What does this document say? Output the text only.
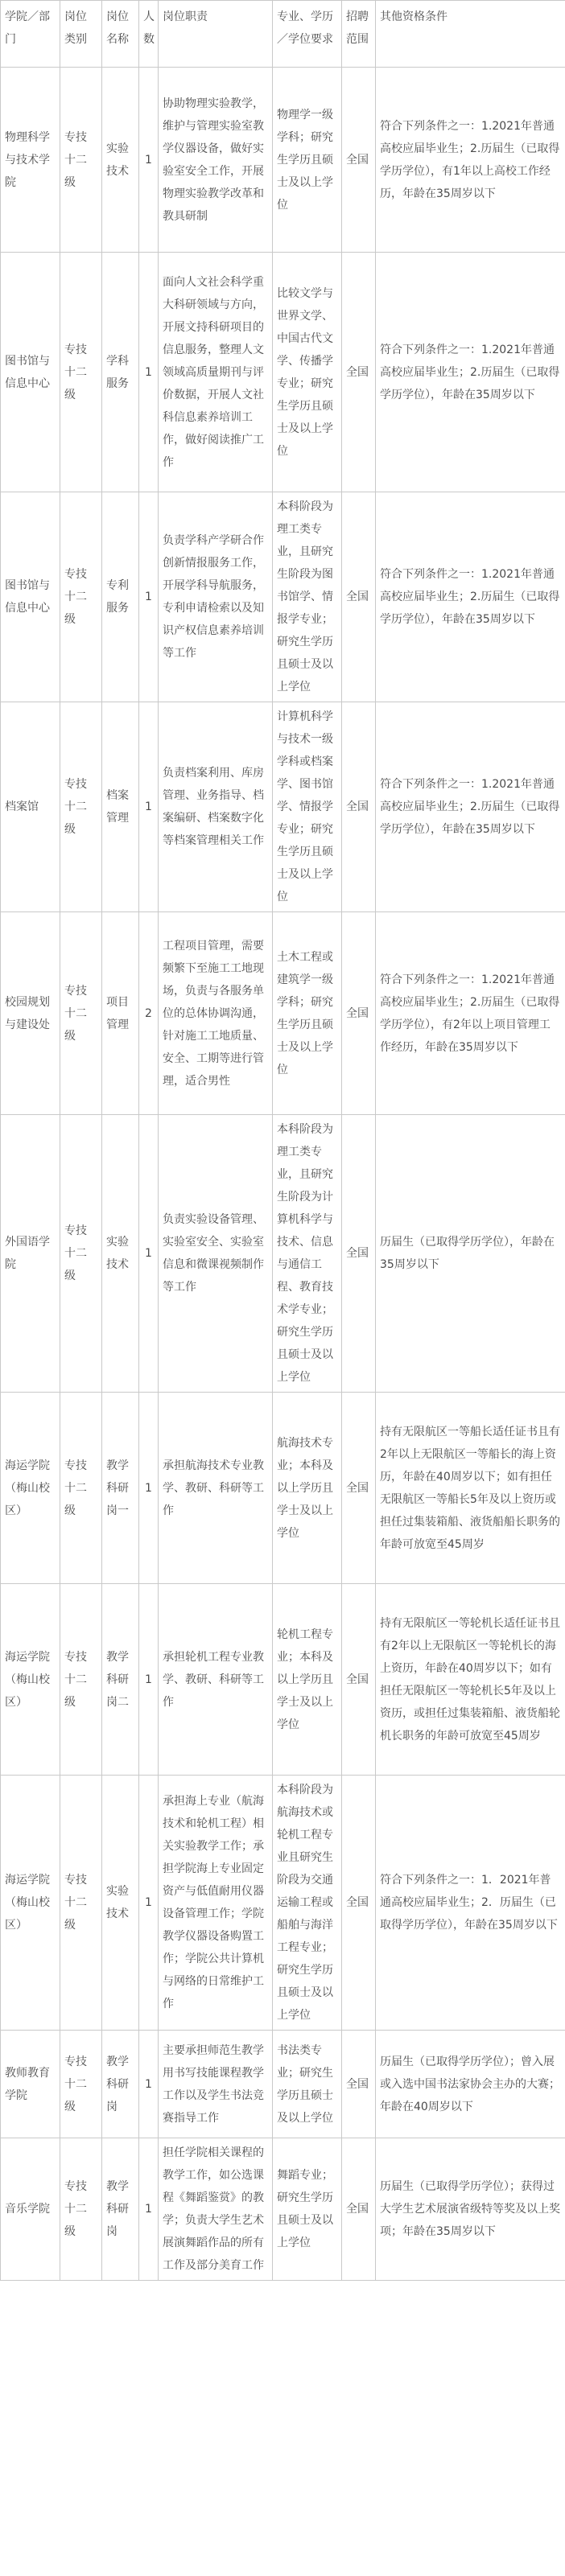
学院／部门	岗位类别	岗位名称	人数	岗位职责	专业、学历／学位要求	招聘范围	其他资格条件
物理科学与技术学院	专技十二级	实验技术	1	协助物理实验教学，维护与管理实验室教学仪器设备，做好实验室安全工作，开展物理实验教学改革和教具研制	物理学一级学科；研究生学历且硕士及以上学位	全国	符合下列条件之一：1.2021年普通高校应届毕业生；2.历届生（已取得学历学位），有1年以上高校工作经历，年龄在35周岁以下
图书馆与信息中心	专技十二级	学科服务	1	面向人文社会科学重大科研领域与方向，开展文持科研项目的信息服务，整理人文领域高质量期刊与评价数据，开展人文社科信息素养培训工作，做好阅读推广工作	比较文学与世界文学、中国古代文学、传播学专业；研究生学历且硕士及以上学位	全国	符合下列条件之一：1.2021年普通高校应届毕业生；2.历届生（已取得学历学位），年龄在35周岁以下
图书馆与信息中心	专技十二级	专利服务	1	负责学科产学研合作创新情报服务工作，开展学科导航服务，专利申请检索以及知识产权信息素养培训等工作	本科阶段为理工类专业，且研究生阶段为图书馆学、情报学专业；研究生学历且硕士及以上学位	全国	符合下列条件之一：1.2021年普通高校应届毕业生；2.历届生（已取得学历学位），年龄在35周岁以下
档案馆	专技十二级	档案管理	1	负责档案利用、库房管理、业务指导、档案编研、档案数字化等档案管理相关工作	计算机科学与技术一级学科或档案学、图书馆学、情报学专业；研究生学历且硕士及以上学位	全国	符合下列条件之一：1.2021年普通高校应届毕业生；2.历届生（已取得学历学位），年龄在35周岁以下
校园规划与建设处	专技十二级	项目管理	2	工程项目管理，需要频繁下至施工工地现场，负责与各服务单位的总体协调沟通，针对施工工地质量、安全、工期等进行管理，适合男性	土木工程或建筑学一级学科；研究生学历且硕士及以上学位	全国	符合下列条件之一：1.2021年普通高校应届毕业生；2.历届生（已取得学历学位），有2年以上项目管理工作经历，年龄在35周岁以下
外国语学院	专技十二级	实验技术	1	负责实验设备管理、实验室安全、实验室信息和微课视频制作等工作	本科阶段为理工类专业，且研究生阶段为计算机科学与技术、信息与通信工程、教育技术学专业；研究生学历且硕士及以上学位	全国	历届生（已取得学历学位），年龄在35周岁以下
海运学院（梅山校区）	专技十二级	教学科研岗一	1	承担航海技术专业教学、教研、科研等工作	航海技术专业；本科及以上学历且学士及以上学位	全国	持有无限航区一等船长适任证书且有2年以上无限航区一等船长的海上资历，年龄在40周岁以下；如有担任无限航区一等船长5年及以上资历或担任过集装箱船、液货船船长职务的年龄可放宽至45周岁
海运学院（梅山校区）	专技十二级	教学科研岗二	1	承担轮机工程专业教学、教研、科研等工作	轮机工程专业；本科及以上学历且学士及以上学位	全国	持有无限航区一等轮机长适任证书且有2年以上无限航区一等轮机长的海上资历，年龄在40周岁以下；如有担任无限航区一等轮机长5年及以上资历，或担任过集装箱船、液货船轮机长职务的年龄可放宽至45周岁
海运学院（梅山校区）	专技十二级	实验技术	1	承担海上专业（航海技术和轮机工程）相关实验教学工作；承担学院海上专业固定资产与低值耐用仪器设备管理工作；学院教学仪器设备购置工作；学院公共计算机与网络的日常维护工作	本科阶段为航海技术或轮机工程专业且研究生阶段为交通运输工程或船舶与海洋工程专业；研究生学历且硕士及以上学位	全国	符合下列条件之一：1．2021年普通高校应届毕业生；2．历届生（已取得学历学位），年龄在35周岁以下
教师教育学院	专技十二级	教学科研岗	1	主要承担师范生教学用书写技能课程教学工作以及学生书法竞赛指导工作	书法类专业；研究生学历且硕士及以上学位	全国	历届生（已取得学历学位）；曾入展或入选中国书法家协会主办的大赛；年龄在40周岁以下
音乐学院	专技十二级	教学科研岗	1	担任学院相关课程的教学工作，如公选课程《舞蹈鉴赏》的教学；负责大学生艺术展演舞蹈作品的所有工作及部分美育工作	舞蹈专业；研究生学历且硕士及以上学位	全国	历届生（已取得学历学位）；获得过大学生艺术展演省级特等奖及以上奖项；年龄在35周岁以下
